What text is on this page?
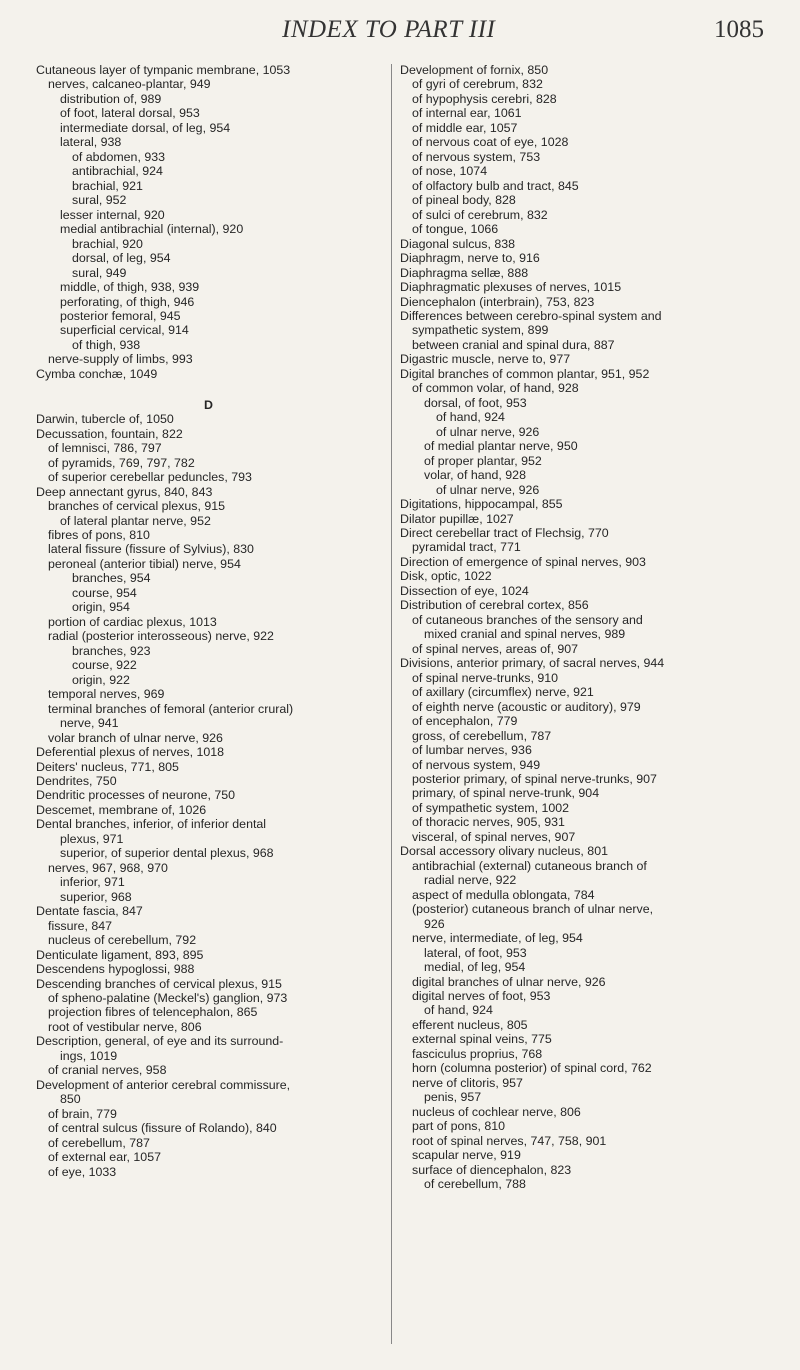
INDEX TO PART III	1085
Cutaneous layer of tympanic membrane, 1053
nerves, calcaneo-plantar, 949
distribution of, 989
of foot, lateral dorsal, 953
intermediate dorsal, of leg, 954
lateral, 938
of abdomen, 933
antibrachial, 924
brachial, 921
sural, 952
lesser internal, 920
medial antibrachial (internal), 920
brachial, 920
dorsal, of leg, 954
sural, 949
middle, of thigh, 938, 939
perforating, of thigh, 946
posterior femoral, 945
superficial cervical, 914
of thigh, 938
nerve-supply of limbs, 993
Cymba conchæ, 1049
D
Darwin, tubercle of, 1050
Decussation, fountain, 822
of lemnisci, 786, 797
of pyramids, 769, 797, 782
of superior cerebellar peduncles, 793
Deep annectant gyrus, 840, 843
branches of cervical plexus, 915
of lateral plantar nerve, 952
fibres of pons, 810
lateral fissure (fissure of Sylvius), 830
peroneal (anterior tibial) nerve, 954
branches, 954
course, 954
origin, 954
portion of cardiac plexus, 1013
radial (posterior interosseous) nerve, 922
branches, 923
course, 922
origin, 922
temporal nerves, 969
terminal branches of femoral (anterior crural)
nerve, 941
volar branch of ulnar nerve, 926
Deferential plexus of nerves, 1018
Deiters' nucleus, 771, 805
Dendrites, 750
Dendritic processes of neurone, 750
Descemet, membrane of, 1026
Dental branches, inferior, of inferior dental
plexus, 971
superior, of superior dental plexus, 968
nerves, 967, 968, 970
inferior, 971
superior, 968
Dentate fascia, 847
fissure, 847
nucleus of cerebellum, 792
Denticulate ligament, 893, 895
Descendens hypoglossi, 988
Descending branches of cervical plexus, 915
of spheno-palatine (Meckel's) ganglion, 973
projection fibres of telencephalon, 865
root of vestibular nerve, 806
Description, general, of eye and its surround-
ings, 1019
of cranial nerves, 958
Development of anterior cerebral commissure,
850
of brain, 779
of central sulcus (fissure of Rolando), 840
of cerebellum, 787
of external ear, 1057
of eye, 1033
Development of fornix, 850
of gyri of cerebrum, 832
of hypophysis cerebri, 828
of internal ear, 1061
of middle ear, 1057
of nervous coat of eye, 1028
of nervous system, 753
of nose, 1074
of olfactory bulb and tract, 845
of pineal body, 828
of sulci of cerebrum, 832
of tongue, 1066
Diagonal sulcus, 838
Diaphragm, nerve to, 916
Diaphragma sellæ, 888
Diaphragmatic plexuses of nerves, 1015
Diencephalon (interbrain), 753, 823
Differences between cerebro-spinal system and
sympathetic system, 899
between cranial and spinal dura, 887
Digastric muscle, nerve to, 977
Digital branches of common plantar, 951, 952
of common volar, of hand, 928
dorsal, of foot, 953
of hand, 924
of ulnar nerve, 926
of medial plantar nerve, 950
of proper plantar, 952
volar, of hand, 928
of ulnar nerve, 926
Digitations, hippocampal, 855
Dilator pupillæ, 1027
Direct cerebellar tract of Flechsig, 770
pyramidal tract, 771
Direction of emergence of spinal nerves, 903
Disk, optic, 1022
Dissection of eye, 1024
Distribution of cerebral cortex, 856
of cutaneous branches of the sensory and
mixed cranial and spinal nerves, 989
of spinal nerves, areas of, 907
Divisions, anterior primary, of sacral nerves, 944
of spinal nerve-trunks, 910
of axillary (circumflex) nerve, 921
of eighth nerve (acoustic or auditory), 979
of encephalon, 779
gross, of cerebellum, 787
of lumbar nerves, 936
of nervous system, 949
posterior primary, of spinal nerve-trunks, 907
primary, of spinal nerve-trunk, 904
of sympathetic system, 1002
of thoracic nerves, 905, 931
visceral, of spinal nerves, 907
Dorsal accessory olivary nucleus, 801
antibrachial (external) cutaneous branch of
radial nerve, 922
aspect of medulla oblongata, 784
(posterior) cutaneous branch of ulnar nerve,
926
nerve, intermediate, of leg, 954
lateral, of foot, 953
medial, of leg, 954
digital branches of ulnar nerve, 926
digital nerves of foot, 953
of hand, 924
efferent nucleus, 805
external spinal veins, 775
fasciculus proprius, 768
horn (columna posterior) of spinal cord, 762
nerve of clitoris, 957
penis, 957
nucleus of cochlear nerve, 806
part of pons, 810
root of spinal nerves, 747, 758, 901
scapular nerve, 919
surface of diencephalon, 823
of cerebellum, 788
